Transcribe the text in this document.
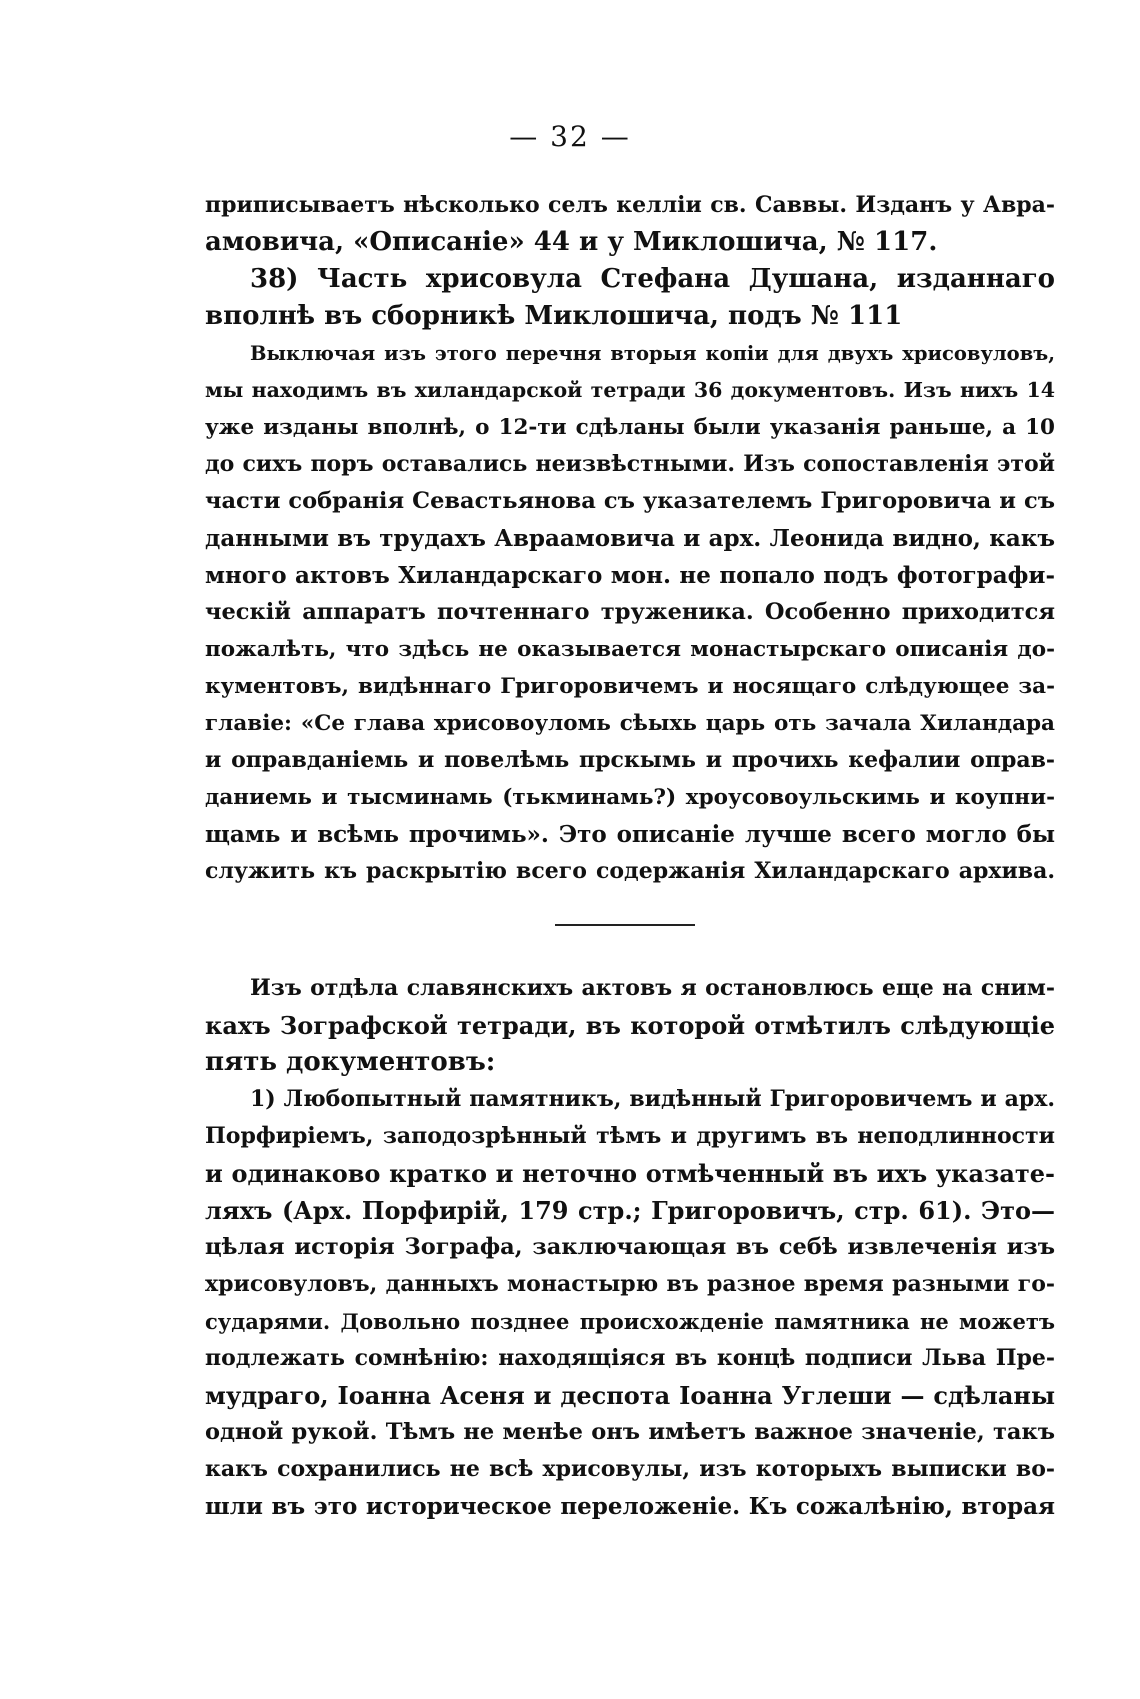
— 32 —
приписываетъ нѣсколько селъ келліи св. Саввы. Изданъ у Авра-
амовича, «Описаніе» 44 и у Миклошича, № 117.
38) Часть хрисовула Стефана Душана, изданнаго
вполнѣ въ сборникѣ Миклошича, подъ № 111
Выключая изъ этого перечня вторыя копіи для двухъ хрисовуловъ,
мы находимъ въ хиландарской тетради 36 документовъ. Изъ нихъ 14
уже изданы вполнѣ, о 12-ти сдѣланы были указанія раньше, а 10
до сихъ поръ оставались неизвѣстными. Изъ сопоставленія этой
части собранія Севастьянова съ указателемъ Григоровича и съ
данными въ трудахъ Авраамовича и арх. Леонида видно, какъ
много актовъ Хиландарскаго мон. не попало подъ фотографи-
ческій аппаратъ почтеннаго труженика. Особенно приходится
пожалѣть, что здѣсь не оказывается монастырскаго описанія до-
кументовъ, видѣннаго Григоровичемъ и носящаго слѣдующее за-
главіе: «Се глава хрисовоуломь сѣыхь царь оть зачала Хиландара
и оправданіемь и повелѣмь прскымь и прочихь кефалии оправ-
даниемь и тысминамь (тькминамь?) хроусовоульскимь и коупни-
щамь и всѣмь прочимь». Это описаніе лучше всего могло бы
служить къ раскрытію всего содержанія Хиландарскаго архива.
Изъ отдѣла славянскихъ актовъ я остановлюсь еще на сним-
кахъ Зографской тетради, въ которой отмѣтилъ слѣдующіе
пять документовъ:
1) Любопытный памятникъ, видѣнный Григоровичемъ и арх.
Порфиріемъ, заподозрѣнный тѣмъ и другимъ въ неподлинности
и одинаково кратко и неточно отмѣченный въ ихъ указате-
ляхъ (Арх. Порфирій, 179 стр.; Григоровичъ, стр. 61). Это—
цѣлая исторія Зографа, заключающая въ себѣ извлеченія изъ
хрисовуловъ, данныхъ монастырю въ разное время разными го-
сударями. Довольно позднее происхожденіе памятника не можетъ
подлежать сомнѣнію: находящіяся въ концѣ подписи Льва Пре-
мудраго, Іоанна Асеня и деспота Іоанна Углеши — сдѣланы
одной рукой. Тѣмъ не менѣе онъ имѣетъ важное значеніе, такъ
какъ сохранились не всѣ хрисовулы, изъ которыхъ выписки во-
шли въ это историческое переложеніе. Къ сожалѣнію, вторая
